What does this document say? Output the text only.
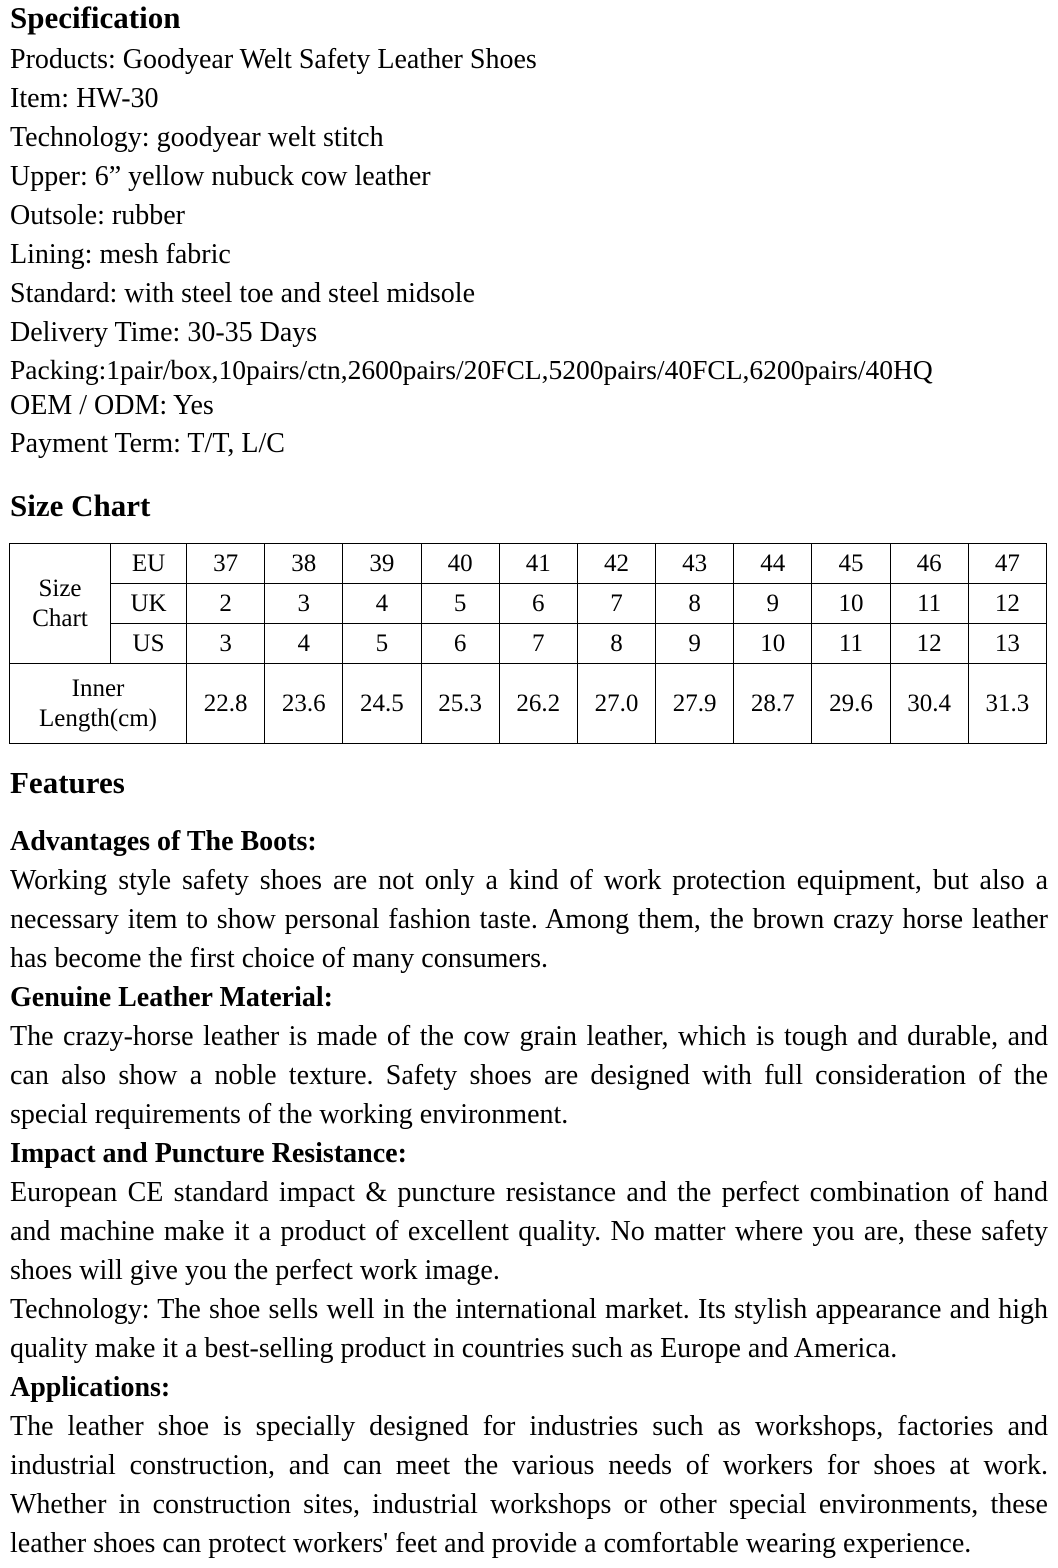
Specification
Products: Goodyear Welt Safety Leather Shoes
Item: HW-30
Technology: goodyear welt stitch
Upper: 6” yellow nubuck cow leather
Outsole: rubber
Lining: mesh fabric
Standard: with steel toe and steel midsole
Delivery Time: 30-35 Days
Packing:1pair/box,10pairs/ctn,2600pairs/20FCL,5200pairs/40FCL,6200pairs/40HQ
OEM / ODM: Yes
Payment Term: T/T, L/C
Size Chart
Size Chart	EU	37	38	39	40	41	42	43	44	45	46	47
	UK	2	3	4	5	6	7	8	9	10	11	12
	US	3	4	5	6	7	8	9	10	11	12	13
Inner Length(cm)		22.8	23.6	24.5	25.3	26.2	27.0	27.9	28.7	29.6	30.4	31.3
Features
Advantages of The Boots:

Working style safety shoes are not only a kind of work protection equipment, but also a necessary item to show personal fashion taste. Among them, the brown crazy horse leather has become the first choice of many consumers.

Genuine Leather Material:

The crazy-horse leather is made of the cow grain leather, which is tough and durable, and can also show a noble texture. Safety shoes are designed with full consideration of the special requirements of the working environment.

Impact and Puncture Resistance:

European CE standard impact & puncture resistance and the perfect combination of hand and machine make it a product of excellent quality. No matter where you are, these safety shoes will give you the perfect work image.

Technology: The shoe sells well in the international market. Its stylish appearance and high quality make it a best-selling product in countries such as Europe and America.

Applications:

The leather shoe is specially designed for industries such as workshops, factories and industrial construction, and can meet the various needs of workers for shoes at work. Whether in construction sites, industrial workshops or other special environments, these leather shoes can protect workers' feet and provide a comfortable wearing experience.
